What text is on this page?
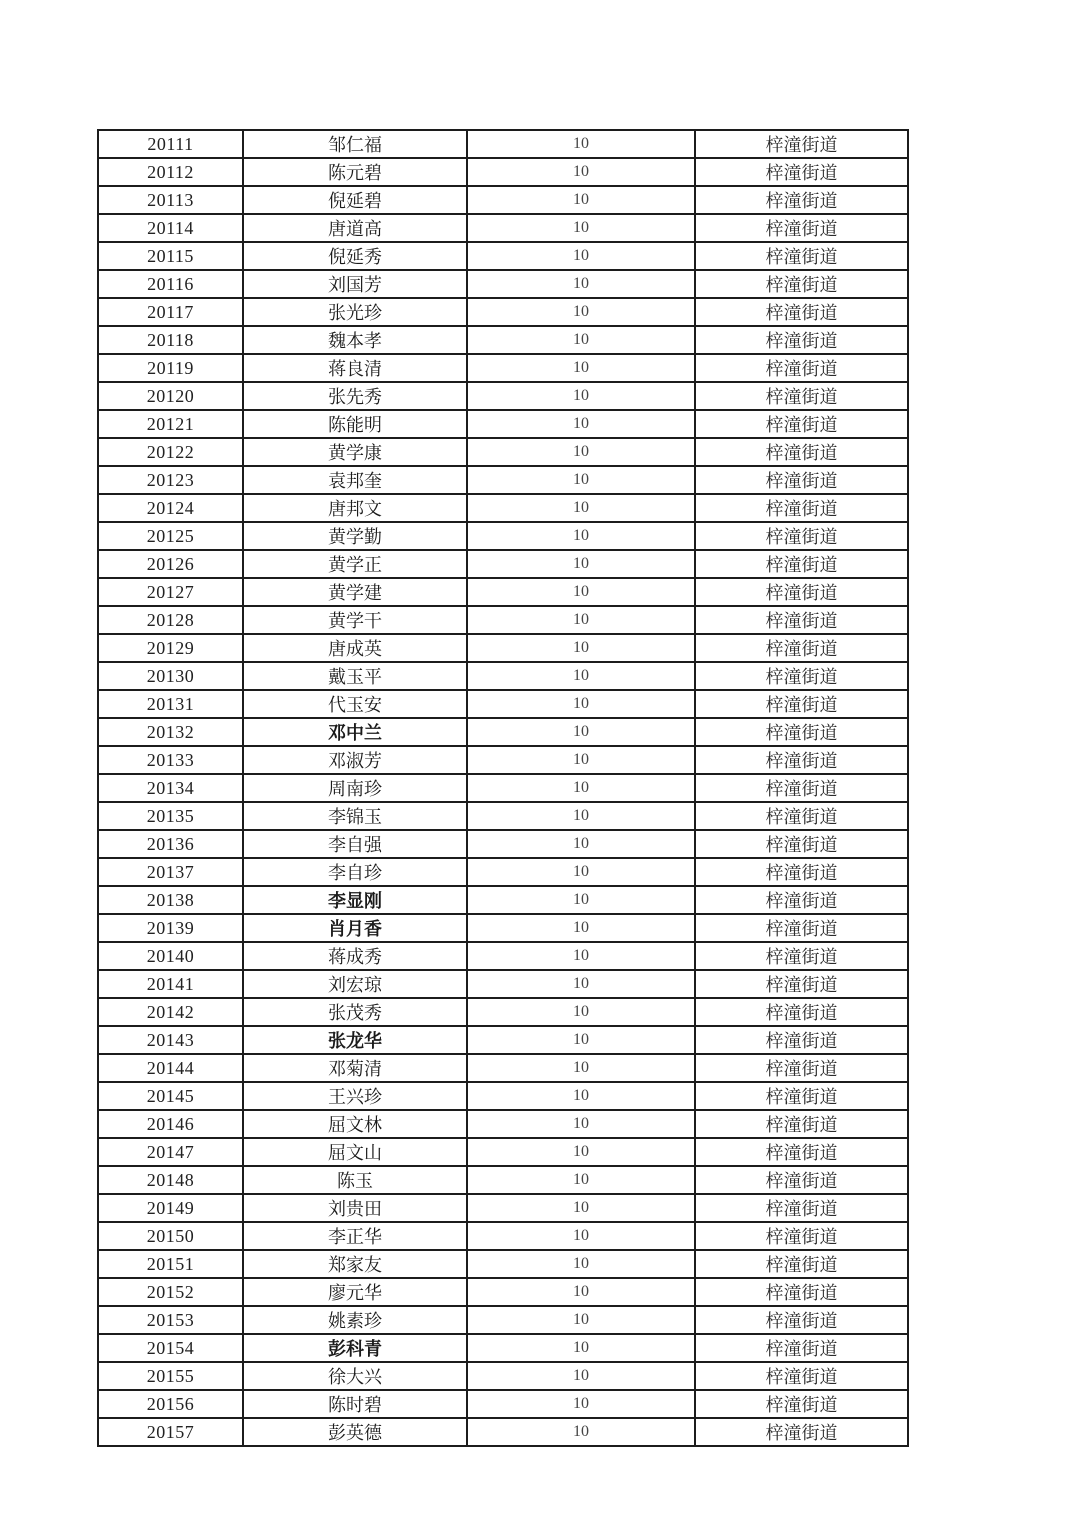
20111	邹仁福	10	梓潼街道
20112	陈元碧	10	梓潼街道
20113	倪延碧	10	梓潼街道
20114	唐道高	10	梓潼街道
20115	倪延秀	10	梓潼街道
20116	刘国芳	10	梓潼街道
20117	张光珍	10	梓潼街道
20118	魏本孝	10	梓潼街道
20119	蒋良清	10	梓潼街道
20120	张先秀	10	梓潼街道
20121	陈能明	10	梓潼街道
20122	黄学康	10	梓潼街道
20123	袁邦奎	10	梓潼街道
20124	唐邦文	10	梓潼街道
20125	黄学勤	10	梓潼街道
20126	黄学正	10	梓潼街道
20127	黄学建	10	梓潼街道
20128	黄学干	10	梓潼街道
20129	唐成英	10	梓潼街道
20130	戴玉平	10	梓潼街道
20131	代玉安	10	梓潼街道
20132	邓中兰	10	梓潼街道
20133	邓淑芳	10	梓潼街道
20134	周南珍	10	梓潼街道
20135	李锦玉	10	梓潼街道
20136	李自强	10	梓潼街道
20137	李自珍	10	梓潼街道
20138	李显刚	10	梓潼街道
20139	肖月香	10	梓潼街道
20140	蒋成秀	10	梓潼街道
20141	刘宏琼	10	梓潼街道
20142	张茂秀	10	梓潼街道
20143	张龙华	10	梓潼街道
20144	邓菊清	10	梓潼街道
20145	王兴珍	10	梓潼街道
20146	屈文林	10	梓潼街道
20147	屈文山	10	梓潼街道
20148	陈玉	10	梓潼街道
20149	刘贵田	10	梓潼街道
20150	李正华	10	梓潼街道
20151	郑家友	10	梓潼街道
20152	廖元华	10	梓潼街道
20153	姚素珍	10	梓潼街道
20154	彭科青	10	梓潼街道
20155	徐大兴	10	梓潼街道
20156	陈时碧	10	梓潼街道
20157	彭英德	10	梓潼街道
